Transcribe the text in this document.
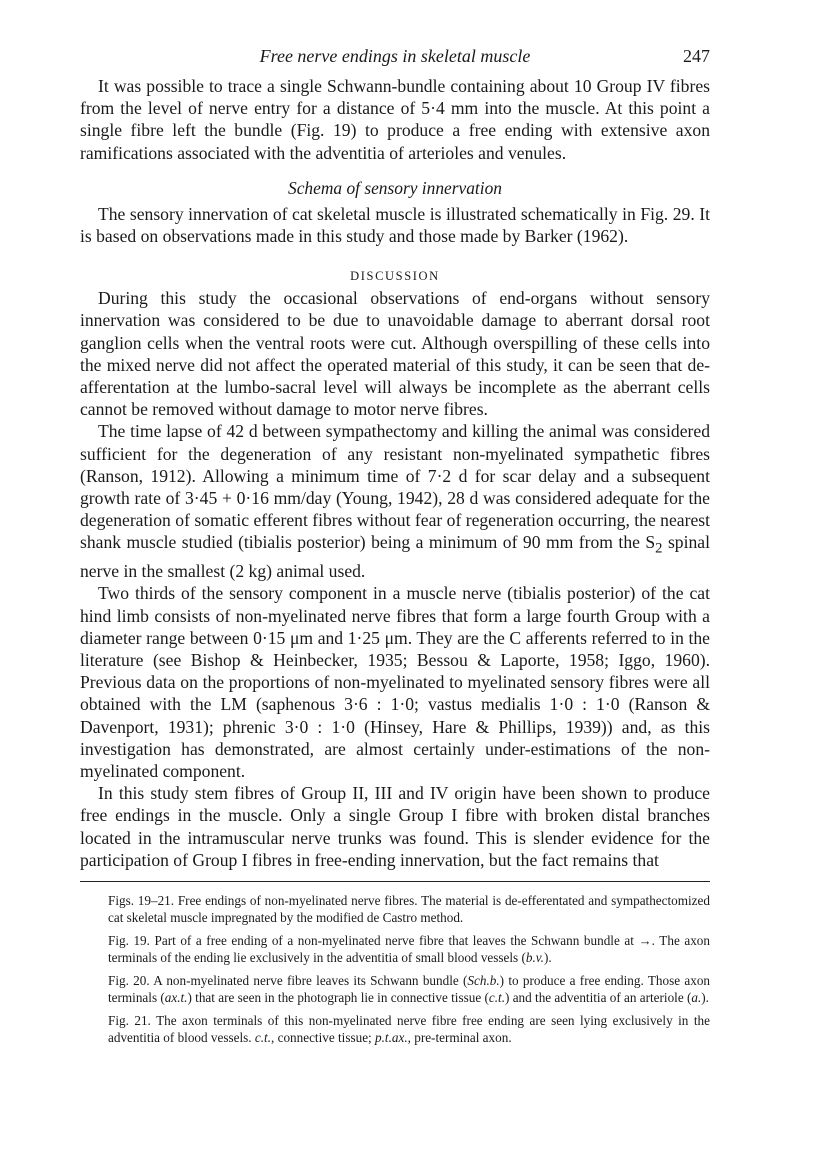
Free nerve endings in skeletal muscle	247

It was possible to trace a single Schwann-bundle containing about 10 Group IV fibres from the level of nerve entry for a distance of 5·4 mm into the muscle. At this point a single fibre left the bundle (Fig. 19) to produce a free ending with extensive axon ramifications associated with the adventitia of arterioles and venules.

Schema of sensory innervation

The sensory innervation of cat skeletal muscle is illustrated schematically in Fig. 29. It is based on observations made in this study and those made by Barker (1962).

DISCUSSION

During this study the occasional observations of end-organs without sensory innervation was considered to be due to unavoidable damage to aberrant dorsal root ganglion cells when the ventral roots were cut. Although overspilling of these cells into the mixed nerve did not affect the operated material of this study, it can be seen that de-afferentation at the lumbo-sacral level will always be incomplete as the aberrant cells cannot be removed without damage to motor nerve fibres.

The time lapse of 42 d between sympathectomy and killing the animal was considered sufficient for the degeneration of any resistant non-myelinated sympathetic fibres (Ranson, 1912). Allowing a minimum time of 7·2 d for scar delay and a subsequent growth rate of 3·45 + 0·16 mm/day (Young, 1942), 28 d was considered adequate for the degeneration of somatic efferent fibres without fear of regeneration occurring, the nearest shank muscle studied (tibialis posterior) being a minimum of 90 mm from the $S_2$ spinal nerve in the smallest (2 kg) animal used.

Two thirds of the sensory component in a muscle nerve (tibialis posterior) of the cat hind limb consists of non-myelinated nerve fibres that form a large fourth Group with a diameter range between 0·15 μm and 1·25 μm. They are the C afferents referred to in the literature (see Bishop & Heinbecker, 1935; Bessou & Laporte, 1958; Iggo, 1960). Previous data on the proportions of non-myelinated to myelinated sensory fibres were all obtained with the LM (saphenous 3·6 : 1·0; vastus medialis 1·0 : 1·0 (Ranson & Davenport, 1931); phrenic 3·0 : 1·0 (Hinsey, Hare & Phillips, 1939)) and, as this investigation has demonstrated, are almost certainly under-estimations of the non-myelinated component.

In this study stem fibres of Group II, III and IV origin have been shown to produce free endings in the muscle. Only a single Group I fibre with broken distal branches located in the intramuscular nerve trunks was found. This is slender evidence for the participation of Group I fibres in free-ending innervation, but the fact remains that

Figs. 19–21. Free endings of non-myelinated nerve fibres. The material is de-efferentated and sympathectomized cat skeletal muscle impregnated by the modified de Castro method.
Fig. 19. Part of a free ending of a non-myelinated nerve fibre that leaves the Schwann bundle at →. The axon terminals of the ending lie exclusively in the adventitia of small blood vessels (b.v.).
Fig. 20. A non-myelinated nerve fibre leaves its Schwann bundle (Sch.b.) to produce a free ending. Those axon terminals (ax.t.) that are seen in the photograph lie in connective tissue (c.t.) and the adventitia of an arteriole (a.).
Fig. 21. The axon terminals of this non-myelinated nerve fibre free ending are seen lying exclusively in the adventitia of blood vessels. c.t., connective tissue; p.t.ax., pre-terminal axon.
